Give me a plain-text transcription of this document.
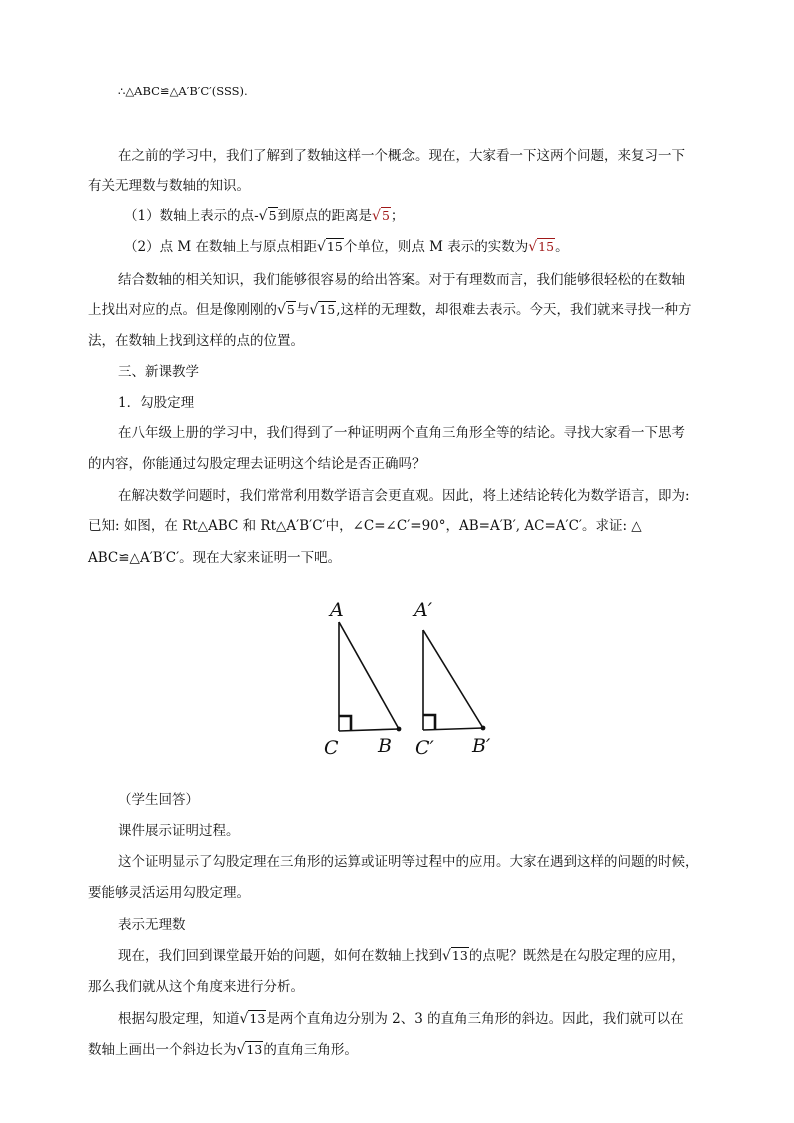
∴△ABC≌△A′B′C′(SSS).
在之前的学习中，我们了解到了数轴这样一个概念。现在，大家看一下这两个问题，来复习一下
有关无理数与数轴的知识。
（1）数轴上表示的点-√5到原点的距离是√5；
（2）点 M 在数轴上与原点相距√15个单位，则点 M 表示的实数为√15。
结合数轴的相关知识，我们能够很容易的给出答案。对于有理数而言，我们能够很轻松的在数轴
上找出对应的点。但是像刚刚的√5与√15,这样的无理数，却很难去表示。今天，我们就来寻找一种方
法，在数轴上找到这样的点的位置。
三、新课教学
1．勾股定理
在八年级上册的学习中，我们得到了一种证明两个直角三角形全等的结论。寻找大家看一下思考
的内容，你能通过勾股定理去证明这个结论是否正确吗？
在解决数学问题时，我们常常利用数学语言会更直观。因此，将上述结论转化为数学语言，即为:
已知: 如图，在 Rt△ABC 和 Rt△A′B′C′中，∠C=∠C′=90°，AB=A′B′, AC=A′C′。求证: △
ABC≌△A′B′C′。现在大家来证明一下吧。
A
C B
A′
C′ B′
（学生回答）
课件展示证明过程。
这个证明显示了勾股定理在三角形的运算或证明等过程中的应用。大家在遇到这样的问题的时候，
要能够灵活运用勾股定理。
表示无理数
现在，我们回到课堂最开始的问题，如何在数轴上找到√13的点呢？既然是在勾股定理的应用，
那么我们就从这个角度来进行分析。
根据勾股定理，知道√13是两个直角边分别为 2、3 的直角三角形的斜边。因此，我们就可以在
数轴上画出一个斜边长为√13的直角三角形。
